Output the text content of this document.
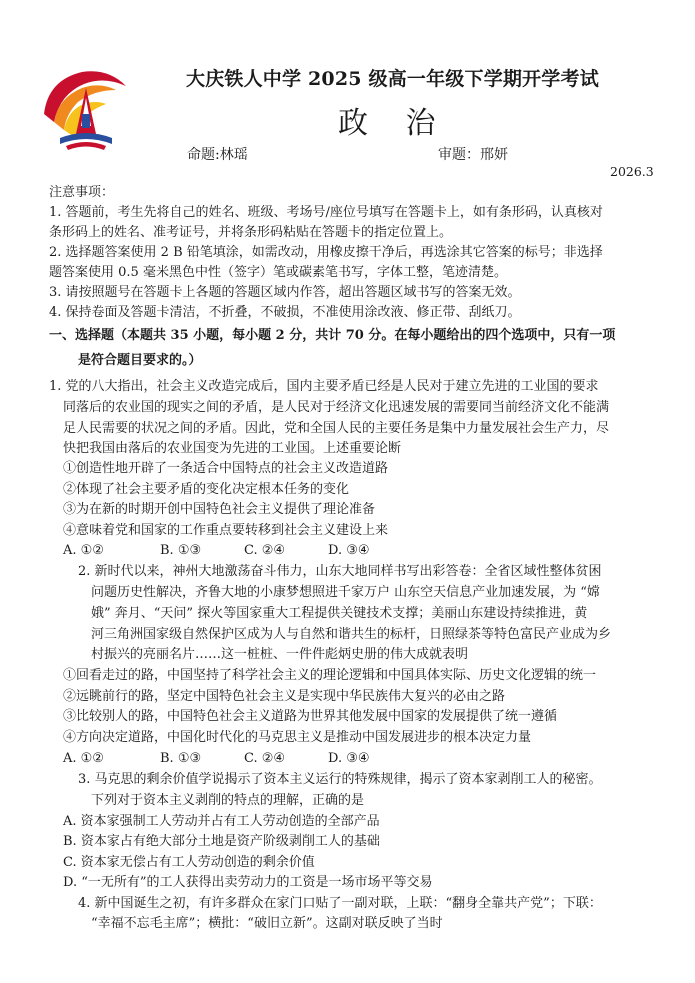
大庆铁人中学 2025 级高一年级下学期开学考试
政 治
命题:林瑶	审题：邢妍
2026.3
注意事项：
1. 答题前，考生先将自己的姓名、班级、考场号/座位号填写在答题卡上，如有条形码，认真核对
条形码上的姓名、准考证号，并将条形码粘贴在答题卡的指定位置上。
2. 选择题答案使用 2 B 铅笔填涂，如需改动，用橡皮擦干净后，再选涂其它答案的标号；非选择
题答案使用 0.5 毫米黑色中性（签字）笔或碳素笔书写，字体工整，笔迹清楚。
3. 请按照题号在答题卡上各题的答题区域内作答，超出答题区域书写的答案无效。
4. 保持卷面及答题卡清洁，不折叠，不破损，不准使用涂改液、修正带、刮纸刀。
一、选择题（本题共 35 小题，每小题 2 分，共计 70 分。在每小题给出的四个选项中，只有一项
是符合题目要求的。）
1. 党的八大指出，社会主义改造完成后，国内主要矛盾已经是人民对于建立先进的工业国的要求
同落后的农业国的现实之间的矛盾，是人民对于经济文化迅速发展的需要同当前经济文化不能满
足人民需要的状况之间的矛盾。因此，党和全国人民的主要任务是集中力量发展社会生产力，尽
快把我国由落后的农业国变为先进的工业国。上述重要论断
①创造性地开辟了一条适合中国特点的社会主义改造道路
②体现了社会主要矛盾的变化决定根本任务的变化
③为在新的时期开创中国特色社会主义提供了理论准备
④意味着党和国家的工作重点要转移到社会主义建设上来
A. ①②	B. ①③	C. ②④	D. ③④
2. 新时代以来，神州大地激荡奋斗伟力，山东大地同样书写出彩答卷：全省区域性整体贫困
问题历史性解决，齐鲁大地的小康梦想照进千家万户 山东空天信息产业加速发展，为 “嫦
娥” 奔月、“天问” 探火等国家重大工程提供关键技术支撑；美丽山东建设持续推进，黄
河三角洲国家级自然保护区成为人与自然和谐共生的标杆，日照绿茶等特色富民产业成为乡
村振兴的亮丽名片……这一桩桩、一件件彪炳史册的伟大成就表明
①回看走过的路，中国坚持了科学社会主义的理论逻辑和中国具体实际、历史文化逻辑的统一
②远眺前行的路，坚定中国特色社会主义是实现中华民族伟大复兴的必由之路
③比较别人的路，中国特色社会主义道路为世界其他发展中国家的发展提供了统一遵循
④方向决定道路，中国化时代化的马克思主义是推动中国发展进步的根本决定力量
A. ①②	B. ①③	C. ②④	D. ③④
3. 马克思的剩余价值学说揭示了资本主义运行的特殊规律，揭示了资本家剥削工人的秘密。
下列对于资本主义剥削的特点的理解，正确的是
A. 资本家强制工人劳动并占有工人劳动创造的全部产品
B. 资本家占有绝大部分土地是资产阶级剥削工人的基础
C. 资本家无偿占有工人劳动创造的剩余价值
D. “一无所有”的工人获得出卖劳动力的工资是一场市场平等交易
4. 新中国诞生之初，有许多群众在家门口贴了一副对联，上联：“翻身全靠共产党”；下联：
“幸福不忘毛主席”；横批：“破旧立新”。这副对联反映了当时
